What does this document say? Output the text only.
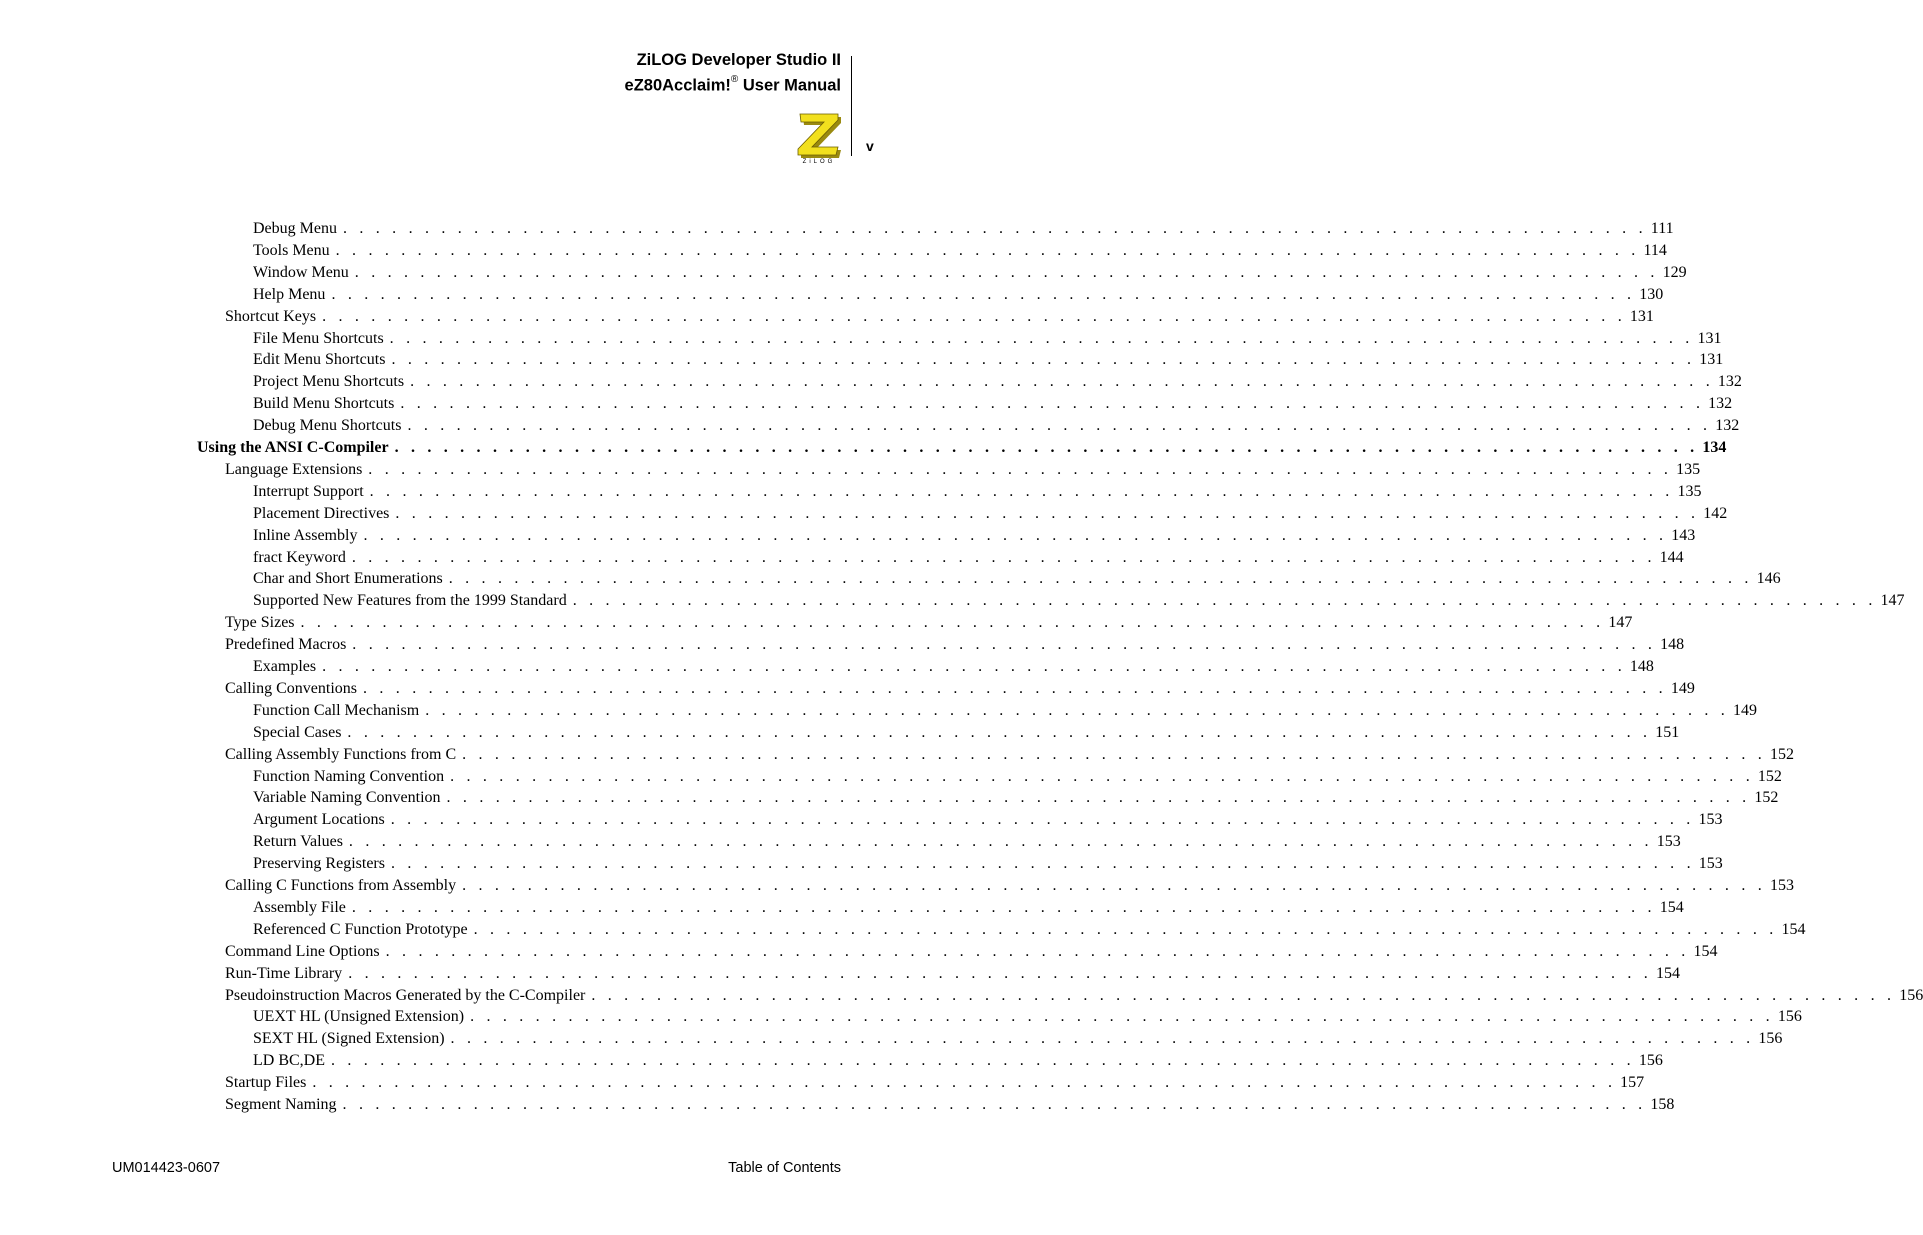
ZiLOG Developer Studio II
eZ80Acclaim!® User Manual
ZiLOG
v
Debug Menu . . . . . . . . . . . . . . . . . . . . . . . . . . . . . . . . . . . . . . . . . . . . . . . . . . . . . . . . . . . . . . . . . . . . . . . . . . . . . . . . 111
Tools Menu . . . . . . . . . . . . . . . . . . . . . . . . . . . . . . . . . . . . . . . . . . . . . . . . . . . . . . . . . . . . . . . . . . . . . . . . . . . . . . . . 114
Window Menu . . . . . . . . . . . . . . . . . . . . . . . . . . . . . . . . . . . . . . . . . . . . . . . . . . . . . . . . . . . . . . . . . . . . . . . . . . . . . . . . 129
Help Menu . . . . . . . . . . . . . . . . . . . . . . . . . . . . . . . . . . . . . . . . . . . . . . . . . . . . . . . . . . . . . . . . . . . . . . . . . . . . . . . . 130
Shortcut Keys . . . . . . . . . . . . . . . . . . . . . . . . . . . . . . . . . . . . . . . . . . . . . . . . . . . . . . . . . . . . . . . . . . . . . . . . . . . . . . . . 131
File Menu Shortcuts . . . . . . . . . . . . . . . . . . . . . . . . . . . . . . . . . . . . . . . . . . . . . . . . . . . . . . . . . . . . . . . . . . . . . . . . . . . . . . . . 131
Edit Menu Shortcuts . . . . . . . . . . . . . . . . . . . . . . . . . . . . . . . . . . . . . . . . . . . . . . . . . . . . . . . . . . . . . . . . . . . . . . . . . . . . . . . . 131
Project Menu Shortcuts . . . . . . . . . . . . . . . . . . . . . . . . . . . . . . . . . . . . . . . . . . . . . . . . . . . . . . . . . . . . . . . . . . . . . . . . . . . . . . . . 132
Build Menu Shortcuts . . . . . . . . . . . . . . . . . . . . . . . . . . . . . . . . . . . . . . . . . . . . . . . . . . . . . . . . . . . . . . . . . . . . . . . . . . . . . . . . 132
Debug Menu Shortcuts . . . . . . . . . . . . . . . . . . . . . . . . . . . . . . . . . . . . . . . . . . . . . . . . . . . . . . . . . . . . . . . . . . . . . . . . . . . . . . . . 132
Using the ANSI C-Compiler . . . . . . . . . . . . . . . . . . . . . . . . . . . . . . . . . . . . . . . . . . . . . . . . . . . . . . . . . . . . . . . . . . . . . . . . . . . . . . . . 134
Language Extensions . . . . . . . . . . . . . . . . . . . . . . . . . . . . . . . . . . . . . . . . . . . . . . . . . . . . . . . . . . . . . . . . . . . . . . . . . . . . . . . . 135
Interrupt Support . . . . . . . . . . . . . . . . . . . . . . . . . . . . . . . . . . . . . . . . . . . . . . . . . . . . . . . . . . . . . . . . . . . . . . . . . . . . . . . . 135
Placement Directives . . . . . . . . . . . . . . . . . . . . . . . . . . . . . . . . . . . . . . . . . . . . . . . . . . . . . . . . . . . . . . . . . . . . . . . . . . . . . . . . 142
Inline Assembly . . . . . . . . . . . . . . . . . . . . . . . . . . . . . . . . . . . . . . . . . . . . . . . . . . . . . . . . . . . . . . . . . . . . . . . . . . . . . . . . 143
fract Keyword . . . . . . . . . . . . . . . . . . . . . . . . . . . . . . . . . . . . . . . . . . . . . . . . . . . . . . . . . . . . . . . . . . . . . . . . . . . . . . . . 144
Char and Short Enumerations . . . . . . . . . . . . . . . . . . . . . . . . . . . . . . . . . . . . . . . . . . . . . . . . . . . . . . . . . . . . . . . . . . . . . . . . . . . . . . . . 146
Supported New Features from the 1999 Standard . . . . . . . . . . . . . . . . . . . . . . . . . . . . . . . . . . . . . . . . . . . . . . . . . . . . . . . . . . . . . . . . . . . . . . . . . . . . . . . . 147
Type Sizes . . . . . . . . . . . . . . . . . . . . . . . . . . . . . . . . . . . . . . . . . . . . . . . . . . . . . . . . . . . . . . . . . . . . . . . . . . . . . . . . 147
Predefined Macros . . . . . . . . . . . . . . . . . . . . . . . . . . . . . . . . . . . . . . . . . . . . . . . . . . . . . . . . . . . . . . . . . . . . . . . . . . . . . . . . 148
Examples . . . . . . . . . . . . . . . . . . . . . . . . . . . . . . . . . . . . . . . . . . . . . . . . . . . . . . . . . . . . . . . . . . . . . . . . . . . . . . . . 148
Calling Conventions . . . . . . . . . . . . . . . . . . . . . . . . . . . . . . . . . . . . . . . . . . . . . . . . . . . . . . . . . . . . . . . . . . . . . . . . . . . . . . . . 149
Function Call Mechanism . . . . . . . . . . . . . . . . . . . . . . . . . . . . . . . . . . . . . . . . . . . . . . . . . . . . . . . . . . . . . . . . . . . . . . . . . . . . . . . . 149
Special Cases . . . . . . . . . . . . . . . . . . . . . . . . . . . . . . . . . . . . . . . . . . . . . . . . . . . . . . . . . . . . . . . . . . . . . . . . . . . . . . . . 151
Calling Assembly Functions from C . . . . . . . . . . . . . . . . . . . . . . . . . . . . . . . . . . . . . . . . . . . . . . . . . . . . . . . . . . . . . . . . . . . . . . . . . . . . . . . . 152
Function Naming Convention . . . . . . . . . . . . . . . . . . . . . . . . . . . . . . . . . . . . . . . . . . . . . . . . . . . . . . . . . . . . . . . . . . . . . . . . . . . . . . . . 152
Variable Naming Convention . . . . . . . . . . . . . . . . . . . . . . . . . . . . . . . . . . . . . . . . . . . . . . . . . . . . . . . . . . . . . . . . . . . . . . . . . . . . . . . . 152
Argument Locations . . . . . . . . . . . . . . . . . . . . . . . . . . . . . . . . . . . . . . . . . . . . . . . . . . . . . . . . . . . . . . . . . . . . . . . . . . . . . . . . 153
Return Values . . . . . . . . . . . . . . . . . . . . . . . . . . . . . . . . . . . . . . . . . . . . . . . . . . . . . . . . . . . . . . . . . . . . . . . . . . . . . . . . 153
Preserving Registers . . . . . . . . . . . . . . . . . . . . . . . . . . . . . . . . . . . . . . . . . . . . . . . . . . . . . . . . . . . . . . . . . . . . . . . . . . . . . . . . 153
Calling C Functions from Assembly . . . . . . . . . . . . . . . . . . . . . . . . . . . . . . . . . . . . . . . . . . . . . . . . . . . . . . . . . . . . . . . . . . . . . . . . . . . . . . . . 153
Assembly File . . . . . . . . . . . . . . . . . . . . . . . . . . . . . . . . . . . . . . . . . . . . . . . . . . . . . . . . . . . . . . . . . . . . . . . . . . . . . . . . 154
Referenced C Function Prototype . . . . . . . . . . . . . . . . . . . . . . . . . . . . . . . . . . . . . . . . . . . . . . . . . . . . . . . . . . . . . . . . . . . . . . . . . . . . . . . . 154
Command Line Options . . . . . . . . . . . . . . . . . . . . . . . . . . . . . . . . . . . . . . . . . . . . . . . . . . . . . . . . . . . . . . . . . . . . . . . . . . . . . . . . 154
Run-Time Library . . . . . . . . . . . . . . . . . . . . . . . . . . . . . . . . . . . . . . . . . . . . . . . . . . . . . . . . . . . . . . . . . . . . . . . . . . . . . . . . 154
Pseudoinstruction Macros Generated by the C-Compiler . . . . . . . . . . . . . . . . . . . . . . . . . . . . . . . . . . . . . . . . . . . . . . . . . . . . . . . . . . . . . . . . . . . . . . . . . . . . . . . . 156
UEXT HL (Unsigned Extension) . . . . . . . . . . . . . . . . . . . . . . . . . . . . . . . . . . . . . . . . . . . . . . . . . . . . . . . . . . . . . . . . . . . . . . . . . . . . . . . . 156
SEXT HL (Signed Extension) . . . . . . . . . . . . . . . . . . . . . . . . . . . . . . . . . . . . . . . . . . . . . . . . . . . . . . . . . . . . . . . . . . . . . . . . . . . . . . . . 156
LD BC,DE . . . . . . . . . . . . . . . . . . . . . . . . . . . . . . . . . . . . . . . . . . . . . . . . . . . . . . . . . . . . . . . . . . . . . . . . . . . . . . . . 156
Startup Files . . . . . . . . . . . . . . . . . . . . . . . . . . . . . . . . . . . . . . . . . . . . . . . . . . . . . . . . . . . . . . . . . . . . . . . . . . . . . . . . 157
Segment Naming . . . . . . . . . . . . . . . . . . . . . . . . . . . . . . . . . . . . . . . . . . . . . . . . . . . . . . . . . . . . . . . . . . . . . . . . . . . . . . . . 158
UM014423-0607	Table of Contents
